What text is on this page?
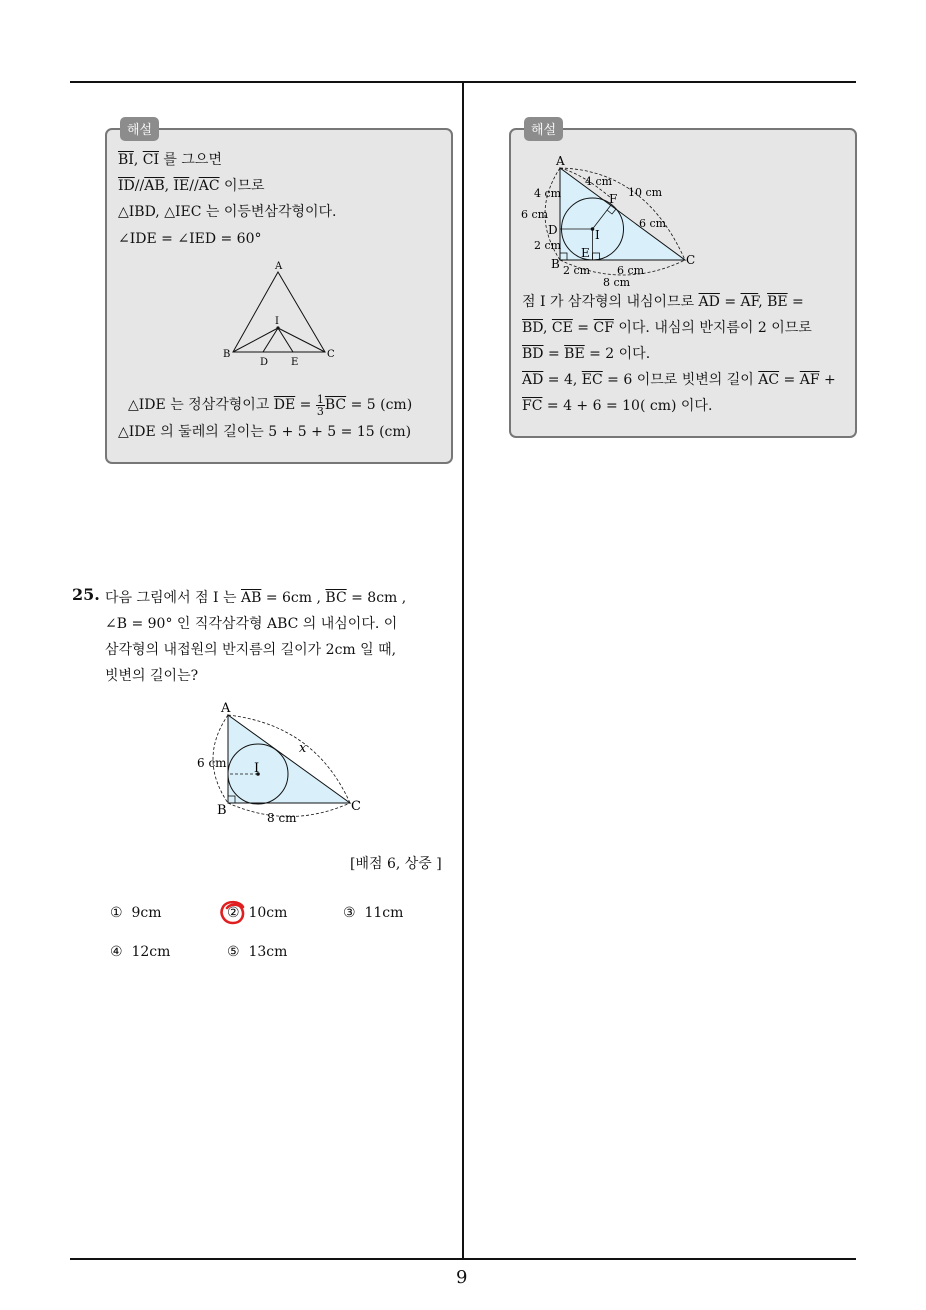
9
해설
$\overline{BI}$, $\overline{CI}$ 를 그으면
$\overline{ID}//\overline{AB}$, $\overline{IE}//\overline{AC}$ 이므로
△IBD, △IEC 는 이등변삼각형이다.
∠IDE = ∠IED = 60°
A
I
B
D E
C
△IDE 는 정삼각형이고 $\overline{DE} = \frac{1}{3} \overline{BC} = 5$ (cm)
△IDE 의 둘레의 길이는 5 + 5 + 5 = 15 (cm)
해설
A
F
D	I
E
B	C
4 cm
4 cm
10 cm
6 cm
6 cm
2 cm
2 cm 6 cm
8 cm
점 I 가 삼각형의 내심이므로 $\overline{AD} = \overline{AF}$, $\overline{BE}$ =
$\overline{BD}$, $\overline{CE} = \overline{CF}$ 이다. 내심의 반지름이 2 이므로
$\overline{BD} = \overline{BE} = 2$ 이다.
$\overline{AD} = 4$, $\overline{EC} = 6$ 이므로 빗변의 길이 $\overline{AC} = \overline{AF}$ +
$\overline{FC} = 4 + 6 = 10$( cm) 이다.
25. 다음 그림에서 점 I 는 $\overline{AB} = 6cm$ , $\overline{BC} = 8cm$ ,
∠B = 90° 인 직각삼각형 ABC 의 내심이다. 이
삼각형의 내접원의 반지름의 길이가 2cm 일 때,
빗변의 길이는?
A
I
B	C
x
6 cm
8 cm
[배점 6, 상중 ]
① 9cm	② 10cm	③ 11cm
④ 12cm	⑤ 13cm
